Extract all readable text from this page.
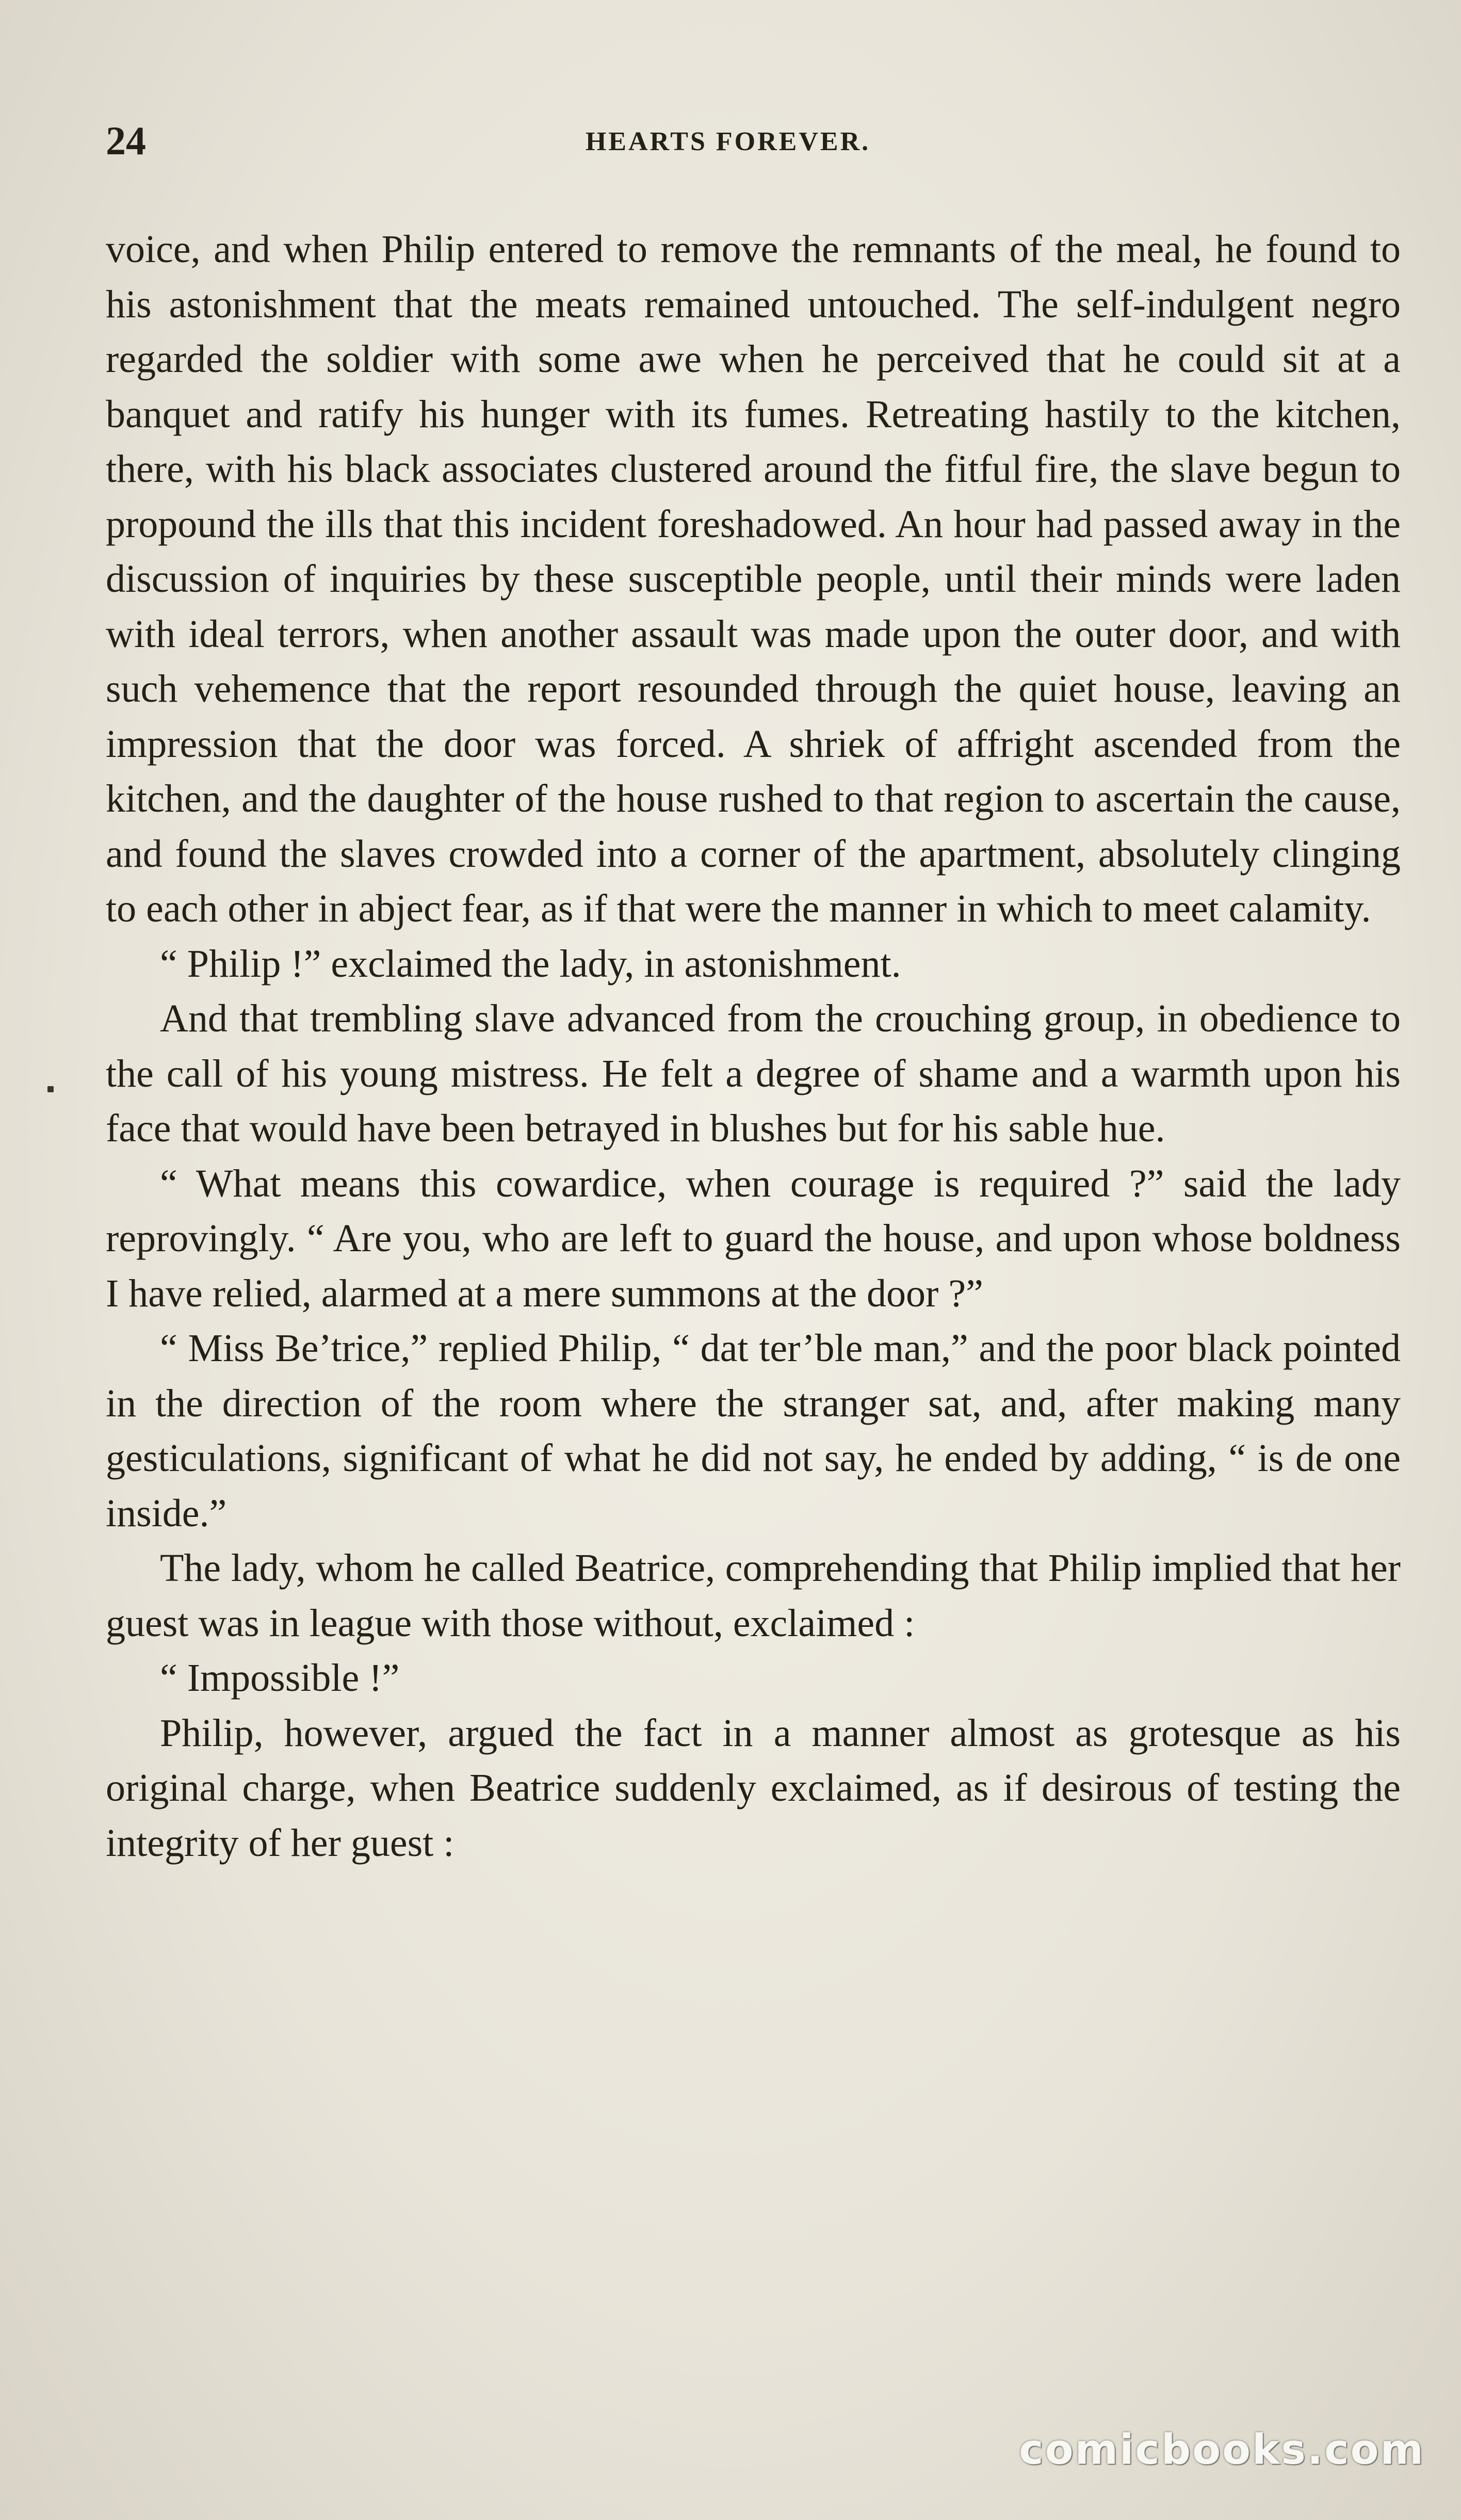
24	HEARTS FOREVER.

voice, and when Philip entered to remove the remnants of the meal, he found to his astonishment that the meats remained untouched. The self-indulgent negro regarded the soldier with some awe when he perceived that he could sit at a banquet and ratify his hunger with its fumes. Retreating hastily to the kitchen, there, with his black associates clustered around the fitful fire, the slave begun to propound the ills that this incident foreshadowed. An hour had passed away in the discussion of inquiries by these susceptible people, until their minds were laden with ideal terrors, when another assault was made upon the outer door, and with such vehemence that the report resounded through the quiet house, leaving an impression that the door was forced. A shriek of affright ascended from the kitchen, and the daughter of the house rushed to that region to ascertain the cause, and found the slaves crowded into a corner of the apartment, absolutely clinging to each other in abject fear, as if that were the manner in which to meet calamity.

“ Philip !” exclaimed the lady, in astonishment.

And that trembling slave advanced from the crouching group, in obedience to the call of his young mistress. He felt a degree of shame and a warmth upon his face that would have been betrayed in blushes but for his sable hue.

“ What means this cowardice, when courage is required ?” said the lady reprovingly. “ Are you, who are left to guard the house, and upon whose boldness I have relied, alarmed at a mere summons at the door ?”

“ Miss Be’trice,” replied Philip, “ dat ter’ble man,” and the poor black pointed in the direction of the room where the stranger sat, and, after making many gesticulations, significant of what he did not say, he ended by adding, “ is de one inside.”

The lady, whom he called Beatrice, comprehending that Philip implied that her guest was in league with those without, exclaimed :

“ Impossible !”

Philip, however, argued the fact in a manner almost as grotesque as his original charge, when Beatrice suddenly exclaimed, as if desirous of testing the integrity of her guest :

comicbooks.com
